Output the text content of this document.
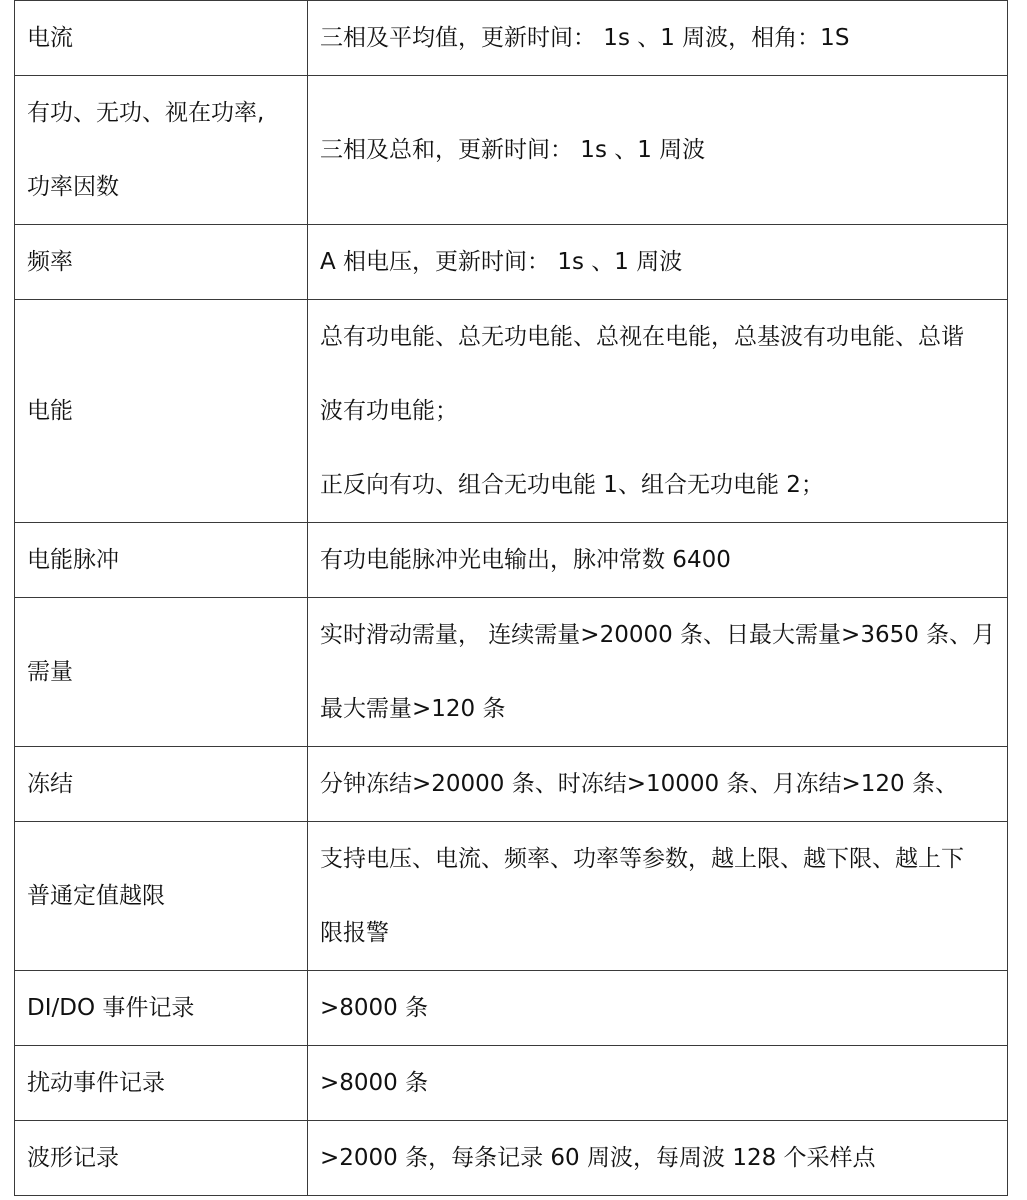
电流	三相及平均值，更新时间： 1s 、1 周波，相角：1S

有功、无功、视在功率,
功率因数	三相及总和，更新时间： 1s 、1 周波

频率	A 相电压，更新时间： 1s 、1 周波

电能	总有功电能、总无功电能、总视在电能，总基波有功电能、总谐
波有功电能；
正反向有功、组合无功电能 1、组合无功电能 2；

电能脉冲	有功电能脉冲光电输出，脉冲常数 6400

需量	实时滑动需量， 连续需量>20000 条、日最大需量>3650 条、月
最大需量>120 条

冻结	分钟冻结>20000 条、时冻结>10000 条、月冻结>120 条、

普通定值越限	支持电压、电流、频率、功率等参数，越上限、越下限、越上下
限报警

DI/DO 事件记录	>8000 条

扰动事件记录	>8000 条

波形记录	>2000 条，每条记录 60 周波，每周波 128 个采样点
